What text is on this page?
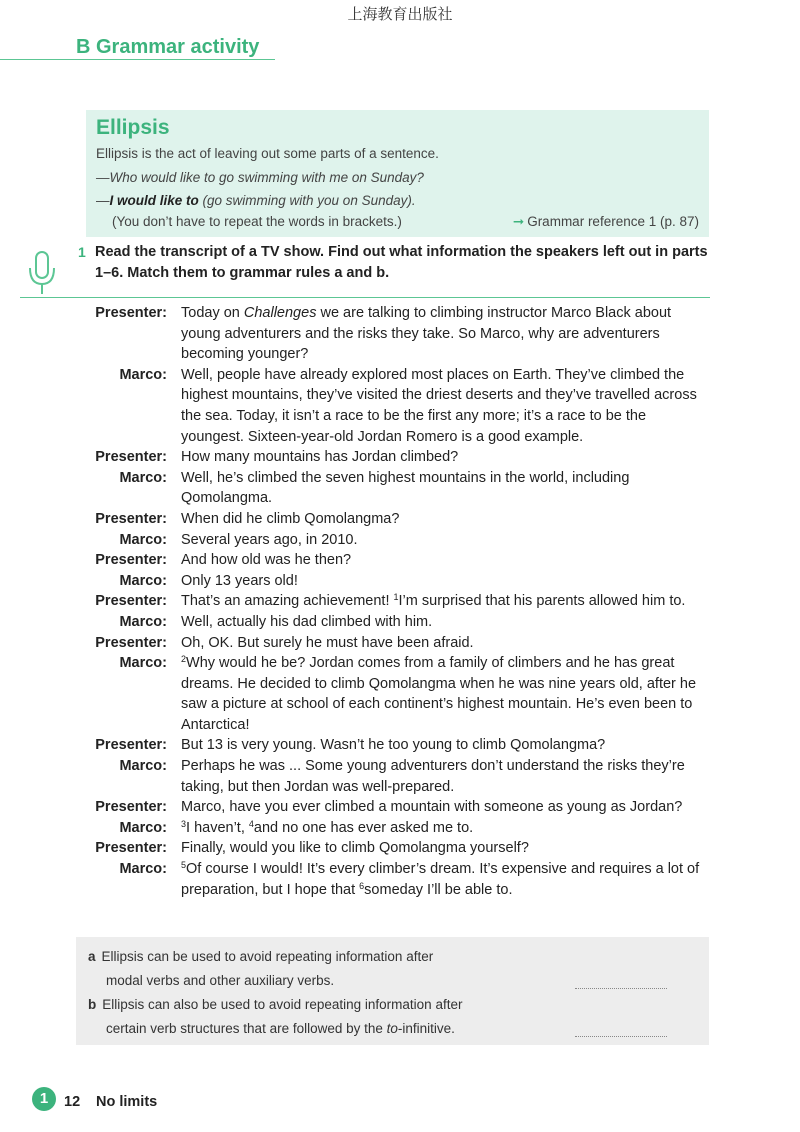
上海教育出版社
B Grammar activity
Ellipsis
Ellipsis is the act of leaving out some parts of a sentence.
—Who would like to go swimming with me on Sunday?
—I would like to (go swimming with you on Sunday).
(You don’t have to repeat the words in brackets.)	➞ Grammar reference 1 (p. 87)
1 Read the transcript of a TV show. Find out what information the speakers left out in parts 1–6. Match them to grammar rules a and b.
Presenter: Today on Challenges we are talking to climbing instructor Marco Black about young adventurers and the risks they take. So Marco, why are adventurers becoming younger?
Marco: Well, people have already explored most places on Earth. They’ve climbed the highest mountains, they’ve visited the driest deserts and they’ve travelled across the sea. Today, it isn’t a race to be the first any more; it’s a race to be the youngest. Sixteen-year-old Jordan Romero is a good example.
Presenter: How many mountains has Jordan climbed?
Marco: Well, he’s climbed the seven highest mountains in the world, including Qomolangma.
Presenter: When did he climb Qomolangma?
Marco: Several years ago, in 2010.
Presenter: And how old was he then?
Marco: Only 13 years old!
Presenter: That’s an amazing achievement! $^1$I’m surprised that his parents allowed him to.
Marco: Well, actually his dad climbed with him.
Presenter: Oh, OK. But surely he must have been afraid.
Marco: $^2$Why would he be? Jordan comes from a family of climbers and he has great dreams. He decided to climb Qomolangma when he was nine years old, after he saw a picture at school of each continent’s highest mountain. He’s even been to Antarctica!
Presenter: But 13 is very young. Wasn’t he too young to climb Qomolangma?
Marco: Perhaps he was ... Some young adventurers don’t understand the risks they’re taking, but then Jordan was well-prepared.
Presenter: Marco, have you ever climbed a mountain with someone as young as Jordan?
Marco: $^3$I haven’t, $^4$and no one has ever asked me to.
Presenter: Finally, would you like to climb Qomolangma yourself?
Marco: $^5$Of course I would! It’s every climber’s dream. It’s expensive and requires a lot of preparation, but I hope that $^6$someday I’ll be able to.
a Ellipsis can be used to avoid repeating information after
modal verbs and other auxiliary verbs.
b Ellipsis can also be used to avoid repeating information after
certain verb structures that are followed by the to-infinitive.
1	12 No limits
